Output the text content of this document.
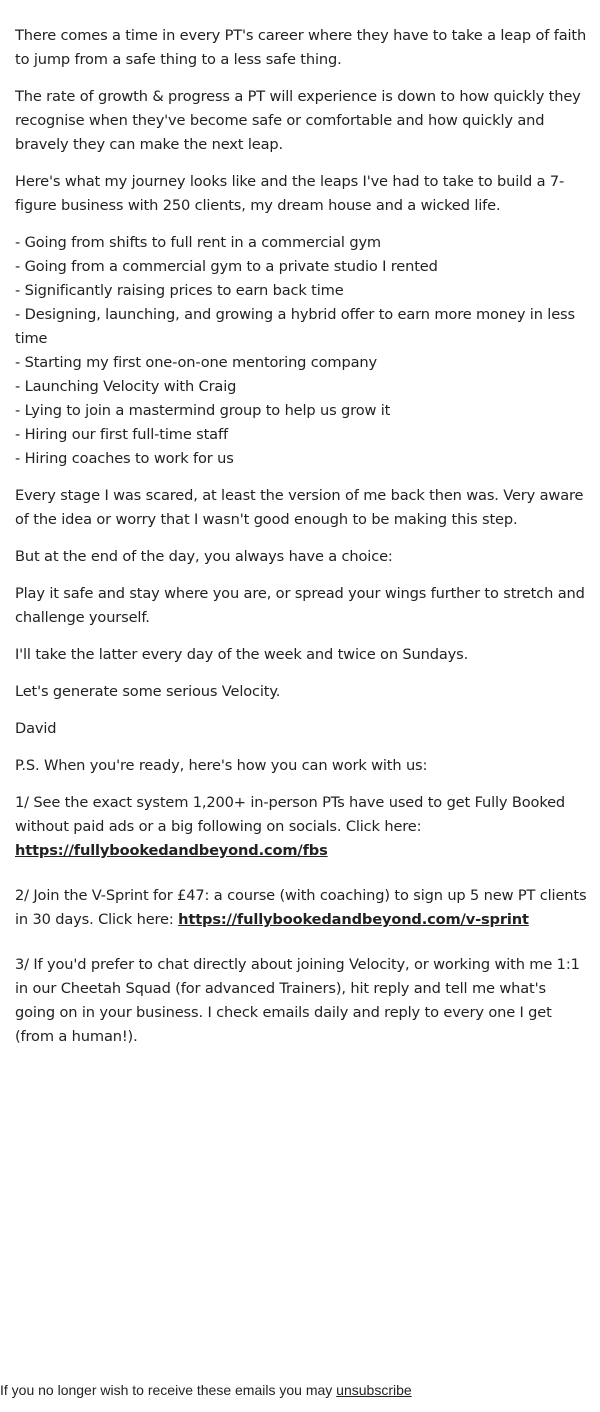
There comes a time in every PT's career where they have to take a leap of faith to jump from a safe thing to a less safe thing.

The rate of growth & progress a PT will experience is down to how quickly they recognise when they've become safe or comfortable and how quickly and bravely they can make the next leap.

Here's what my journey looks like and the leaps I've had to take to build a 7-figure business with 250 clients, my dream house and a wicked life.

- Going from shifts to full rent in a commercial gym
- Going from a commercial gym to a private studio I rented
- Significantly raising prices to earn back time
- Designing, launching, and growing a hybrid offer to earn more money in less time
- Starting my first one-on-one mentoring company
- Launching Velocity with Craig
- Lying to join a mastermind group to help us grow it
- Hiring our first full-time staff
- Hiring coaches to work for us

Every stage I was scared, at least the version of me back then was. Very aware of the idea or worry that I wasn't good enough to be making this step.

But at the end of the day, you always have a choice:

Play it safe and stay where you are, or spread your wings further to stretch and challenge yourself.

I'll take the latter every day of the week and twice on Sundays.

Let's generate some serious Velocity.

David

P.S. When you're ready, here's how you can work with us:

1/ See the exact system 1,200+ in-person PTs have used to get Fully Booked without paid ads or a big following on socials. Click here: https://fullybookedandbeyond.com/fbs

2/ Join the V-Sprint for £47: a course (with coaching) to sign up 5 new PT clients in 30 days. Click here: https://fullybookedandbeyond.com/v-sprint

3/ If you'd prefer to chat directly about joining Velocity, or working with me 1:1 in our Cheetah Squad (for advanced Trainers), hit reply and tell me what's going on in your business. I check emails daily and reply to every one I get (from a human!).

If you no longer wish to receive these emails you may unsubscribe
